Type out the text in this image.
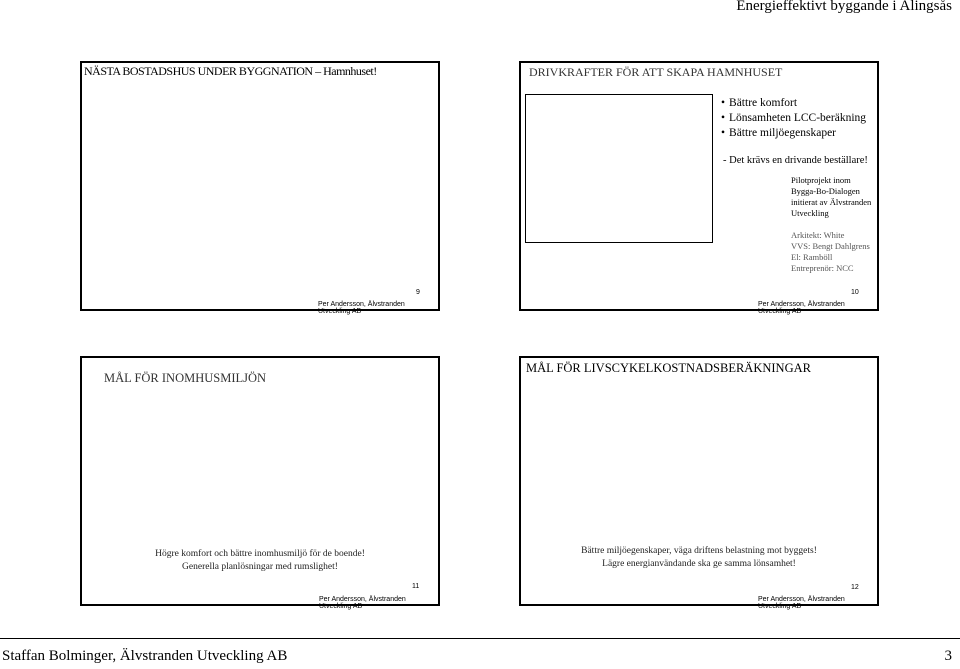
Energieffektivt byggande i Alingsås
NÄSTA BOSTADSHUS UNDER BYGGNATION – Hamnhuset!
9
Per Andersson, Älvstranden Utveckling AB
DRIVKRAFTER FÖR ATT SKAPA HAMNHUSET
• Bättre komfort
• Lönsamheten LCC-beräkning
• Bättre miljöegenskaper
- Det krävs en drivande beställare!
Pilotprojekt inom
Bygga-Bo-Dialogen
initierat av Älvstranden
Utveckling
Arkitekt: White
VVS: Bengt Dahlgrens
El: Ramböll
Entreprenör: NCC
10
Per Andersson, Älvstranden Utveckling AB
MÅL FÖR INOMHUSMILJÖN
Högre komfort och bättre inomhusmiljö för de boende!
Generella planlösningar med rumslighet!
11
Per Andersson, Älvstranden Utveckling AB
MÅL FÖR LIVSCYKELKOSTNADSBERÄKNINGAR
Bättre miljöegenskaper, väga driftens belastning mot byggets!
Lägre energianvändande ska ge samma lönsamhet!
12
Per Andersson, Älvstranden Utveckling AB
Staffan Bolminger, Älvstranden Utveckling AB	3
